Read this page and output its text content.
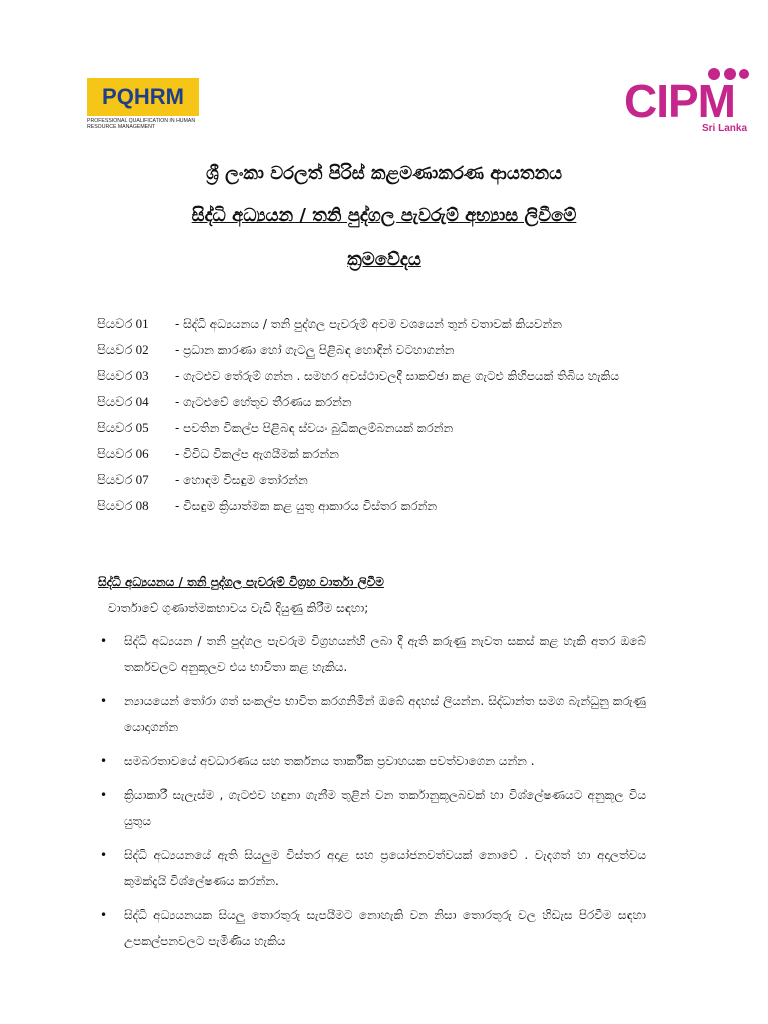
PQHRM
PROFESSIONAL QUALIFICATION IN HUMAN RESOURCE MANAGEMENT	CIPM
Sri Lanka
ශ්‍රී ලංකා වරලත් පිරිස් කළමණාකරණ ආයතනය
සිද්ධි අධ්‍යයන / තනි පුද්ගල පැවරුම් අභ්‍යාස ලිවීමේ
ක්‍රමවේදය
පියවර 01	- සිද්ධි අධ්‍යයනය / තනි පුද්ගල පැවරුම් අවම වශයෙන් තුන් වතාවක් කියවන්න
පියවර 02	- ප්‍රධාන කාරණා හෝ ගැටලු පිළිබඳ හොඳින් වටහාගන්න
පියවර 03	- ගැටළුව තේරුම් ගන්න . සමහර අවස්ථාවලදී සාකච්ඡා කළ ගැටළු කිහිපයක් තිබිය හැකිය
පියවර 04	- ගැටළුවේ හේතුව තීරණය කරන්න
පියවර 05	- පවතින විකල්ප පිළිබඳ ස්වයං බුධිකලම්බනයක් කරන්න
පියවර 06	- විවිධ විකල්ප ඇගයීමක් කරන්න
පියවර 07	- හොඳම විසඳුම තෝරන්න
පියවර 08	- විසඳුම ක්‍රියාත්මක කළ යුතු ආකාරය විස්තර කරන්න
සිද්ධි අධ්‍යයනය / තනි පුද්ගල පැවරුම් විග්‍රහ වාර්තා ලිවීම
වාර්තාවේ ගුණාත්මකභාවය වැඩි දියුණු කිරීම සඳහා;
•	සිද්ධි අධ්‍යයන / තනි පුද්ගල පැවරුම විග්‍රහයන්හි ලබා දී ඇති කරුණු නැවත සකස් කළ හැකි අතර ඔබේ තර්කවලට අනුකූලව එය භාවිතා කළ හැකිය.
•	න්‍යායයෙන් තෝරා ගත් සංකල්ප භාවිත කරගනිමින් ඔබේ අදහස් ලියන්න. සිද්ධාන්ත සමග බැන්ධුනු කරුණු යොදාගන්න
•	සමබරතාවයේ අවධාරණය සහ තර්කනය තාර්කික ප්‍රවාහයක පවත්වාගෙන යන්න .
•	ක්‍රියාකාරී සැලැස්ම , ගැටළුව හඳුනා ගැනීම තුළින් වන තර්කානුකූලබවක් හා විශ්ලේෂණයට අනුකූල විය යුතුය
•	සිද්ධි අධ්‍යයනයේ ඇති සියලුම විස්තර අදාළ සහ ප්‍රයෝජනවත්වයක් නොවේ . වැදගත් හා අදාලත්වය කුමක්දැයි විශ්ලේෂණය කරන්න.
•	සිද්ධි අධ්‍යයනයක සියලු තොරතුරු සැපයීමට නොහැකි වන නිසා තොරතුරු වල හිඩැස පිරවීම සඳහා උපකල්පනවලට පැමිණිය හැකිය
